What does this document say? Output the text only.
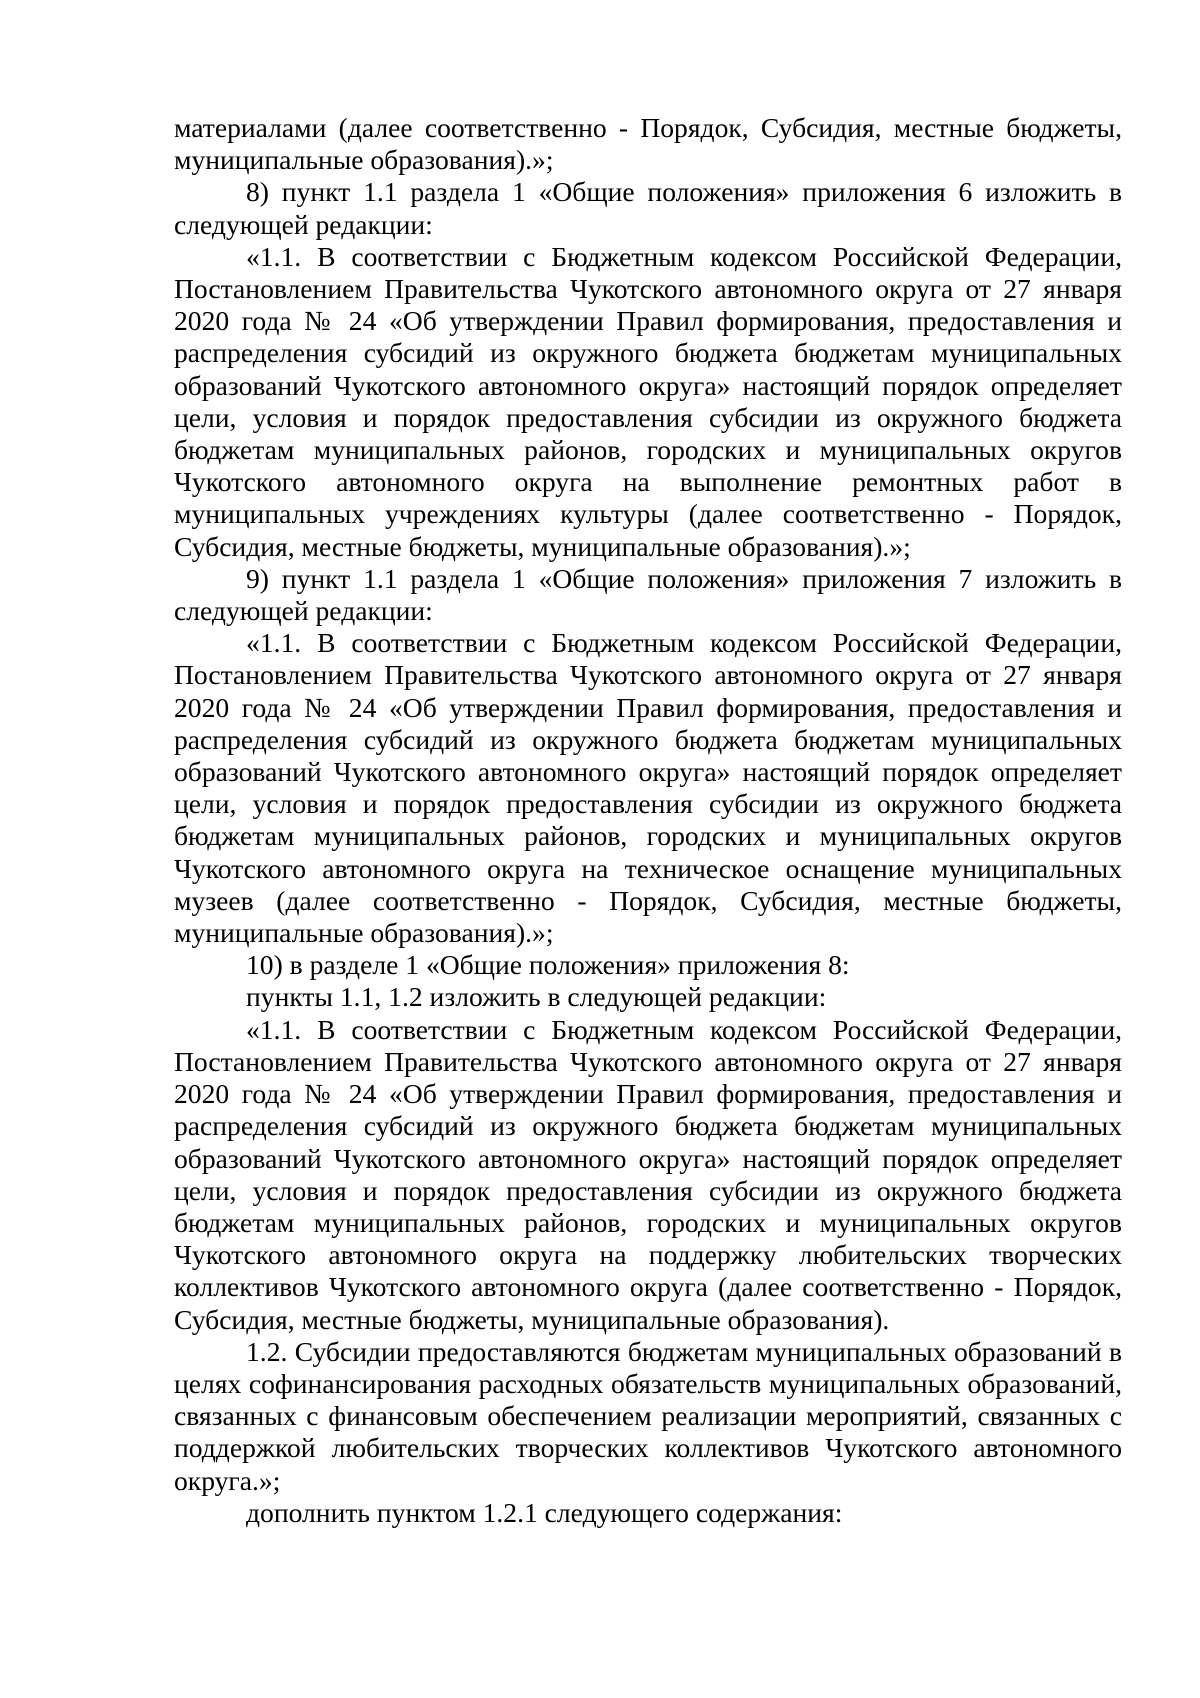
материалами (далее соответственно - Порядок, Субсидия, местные бюджеты, муниципальные образования).»;

8) пункт 1.1 раздела 1 «Общие положения» приложения 6 изложить в следующей редакции:

«1.1. В соответствии с Бюджетным кодексом Российской Федерации, Постановлением Правительства Чукотского автономного округа от 27 января 2020 года № 24 «Об утверждении Правил формирования, предоставления и распределения субсидий из окружного бюджета бюджетам муниципальных образований Чукотского автономного округа» настоящий порядок определяет цели, условия и порядок предоставления субсидии из окружного бюджета бюджетам муниципальных районов, городских и муниципальных округов Чукотского автономного округа на выполнение ремонтных работ в муниципальных учреждениях культуры (далее соответственно - Порядок, Субсидия, местные бюджеты, муниципальные образования).»;

9) пункт 1.1 раздела 1 «Общие положения» приложения 7 изложить в следующей редакции:

«1.1. В соответствии с Бюджетным кодексом Российской Федерации, Постановлением Правительства Чукотского автономного округа от 27 января 2020 года № 24 «Об утверждении Правил формирования, предоставления и распределения субсидий из окружного бюджета бюджетам муниципальных образований Чукотского автономного округа» настоящий порядок определяет цели, условия и порядок предоставления субсидии из окружного бюджета бюджетам муниципальных районов, городских и муниципальных округов Чукотского автономного округа на техническое оснащение муниципальных музеев (далее соответственно - Порядок, Субсидия, местные бюджеты, муниципальные образования).»;

10) в разделе 1 «Общие положения» приложения 8:

пункты 1.1, 1.2 изложить в следующей редакции:

«1.1. В соответствии с Бюджетным кодексом Российской Федерации, Постановлением Правительства Чукотского автономного округа от 27 января 2020 года № 24 «Об утверждении Правил формирования, предоставления и распределения субсидий из окружного бюджета бюджетам муниципальных образований Чукотского автономного округа» настоящий порядок определяет цели, условия и порядок предоставления субсидии из окружного бюджета бюджетам муниципальных районов, городских и муниципальных округов Чукотского автономного округа на поддержку любительских творческих коллективов Чукотского автономного округа (далее соответственно - Порядок, Субсидия, местные бюджеты, муниципальные образования).

1.2. Субсидии предоставляются бюджетам муниципальных образований в целях софинансирования расходных обязательств муниципальных образований, связанных с финансовым обеспечением реализации мероприятий, связанных с поддержкой любительских творческих коллективов Чукотского автономного округа.»;

дополнить пунктом 1.2.1 следующего содержания:
